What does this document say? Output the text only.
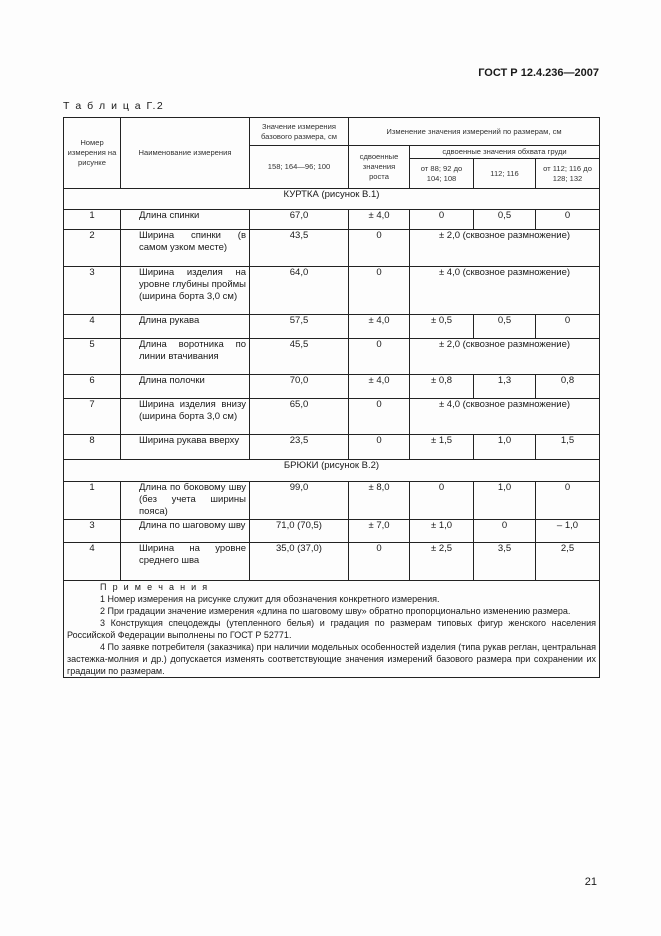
ГОСТ Р 12.4.236—2007
Т а б л и ц а Г.2
Номер измерения на рисунке	Наименование измерения	Значение измерения базового размера, см	Изменение значения измерений по размерам, см			
		158; 164—96; 100	сдвоенные значения роста	сдвоенные значения обхвата груди		
				от 88; 92 до 104; 108	112; 116	от 112; 116 до 128; 132
КУРТКА (рисунок В.1)						
1	Длина спинки	67,0	± 4,0	0	0,5	0
2	Ширина спинки (в самом узком месте)	43,5	0	± 2,0 (сквозное размножение)		
3	Ширина изделия на уровне глубины проймы (ширина борта 3,0 см)	64,0	0	± 4,0 (сквозное размножение)		
4	Длина рукава	57,5	± 4,0	± 0,5	0,5	0
5	Длина воротника по линии втачивания	45,5	0	± 2,0 (сквозное размножение)		
6	Длина полочки	70,0	± 4,0	± 0,8	1,3	0,8
7	Ширина изделия внизу (ширина борта 3,0 см)	65,0	0	± 4,0 (сквозное размножение)		
8	Ширина рукава вверху	23,5	0	± 1,5	1,0	1,5
БРЮКИ (рисунок В.2)						
1	Длина по боковому шву (без учета ширины пояса)	99,0	± 8,0	0	1,0	0
3	Длина по шаговому шву	71,0 (70,5)	± 7,0	± 1,0	0	– 1,0
4	Ширина на уровне среднего шва	35,0 (37,0)	0	± 2,5	3,5	2,5

П р и м е ч а н и я

1 Номер измерения на рисунке служит для обозначения конкретного измерения.

2 При градации значение измерения «длина по шаговому шву» обратно пропорционально изменению размера.

3 Конструкция спецодежды (утепленного белья) и градация по размерам типовых фигур женского населения Российской Федерации выполнены по ГОСТ Р 52771.

4 По заявке потребителя (заказчика) при наличии модельных особенностей изделия (типа рукав реглан, центральная застежка-молния и др.) допускается изменять соответствующие значения измерений базового размера при сохранении их градации по размерам.						

21
